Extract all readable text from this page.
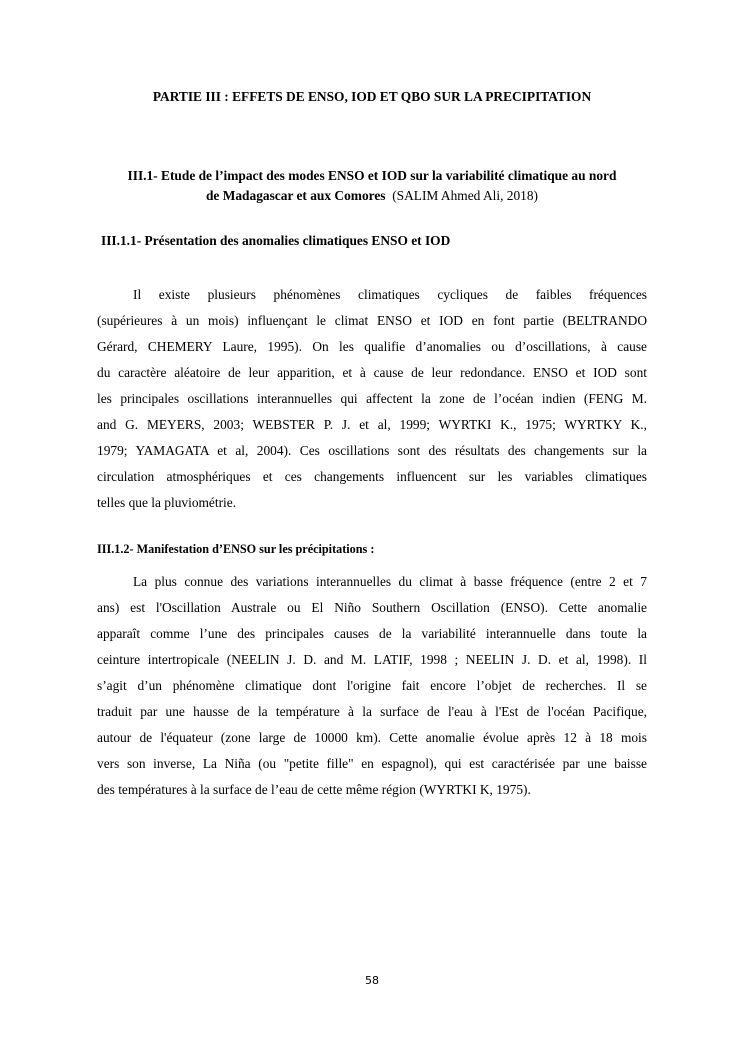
PARTIE III : EFFETS DE ENSO, IOD ET QBO SUR LA PRECIPITATION
III.1- Etude de l’impact des modes ENSO et IOD sur la variabilité climatique au nord
de Madagascar et aux Comores (SALIM Ahmed Ali, 2018)
III.1.1- Présentation des anomalies climatiques ENSO et IOD
Il existe plusieurs phénomènes climatiques cycliques de faibles fréquences
(supérieures à un mois) influençant le climat ENSO et IOD en font partie (BELTRANDO
Gérard, CHEMERY Laure, 1995). On les qualifie d’anomalies ou d’oscillations, à cause
du caractère aléatoire de leur apparition, et à cause de leur redondance. ENSO et IOD sont
les principales oscillations interannuelles qui affectent la zone de l’océan indien (FENG M.
and G. MEYERS, 2003; WEBSTER P. J. et al, 1999; WYRTKI K., 1975; WYRTKY K.,
1979; YAMAGATA et al, 2004). Ces oscillations sont des résultats des changements sur la
circulation atmosphériques et ces changements influencent sur les variables climatiques
telles que la pluviométrie.
III.1.2- Manifestation d’ENSO sur les précipitations :
La plus connue des variations interannuelles du climat à basse fréquence (entre 2 et 7
ans) est l'Oscillation Australe ou El Niño Southern Oscillation (ENSO). Cette anomalie
apparaît comme l’une des principales causes de la variabilité interannuelle dans toute la
ceinture intertropicale (NEELIN J. D. and M. LATIF, 1998 ; NEELIN J. D. et al, 1998). Il
s’agit d’un phénomène climatique dont l'origine fait encore l’objet de recherches. Il se
traduit par une hausse de la température à la surface de l'eau à l'Est de l'océan Pacifique,
autour de l'équateur (zone large de 10000 km). Cette anomalie évolue après 12 à 18 mois
vers son inverse, La Niña (ou "petite fille" en espagnol), qui est caractérisée par une baisse
des températures à la surface de l’eau de cette même région (WYRTKI K, 1975).
58
